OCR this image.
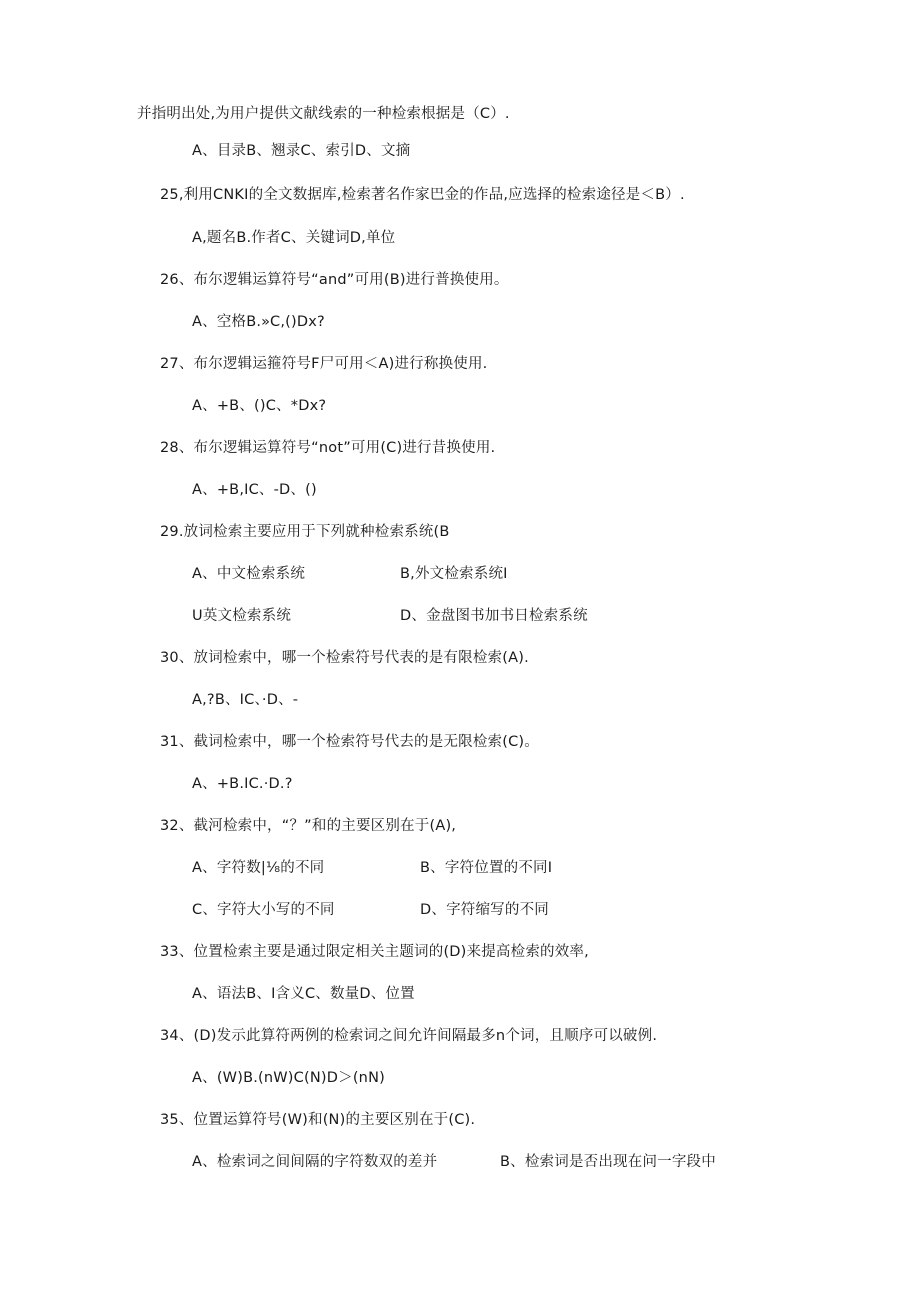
并指明出处,为用户提供文献线索的一种检索根据是（C）.
A、目录B、翘录C、索引D、文摘
25,利用CNKI的全文数据库,检索著名作家巴金的作品,应选择的检索途径是＜B）.
A,题名B.作者C、关键词D,单位
26、布尔逻辑运算符号“and”可用(B)进行普换使用。
A、空格B.»C,()Dx?
27、布尔逻辑运箍符号F尸可用＜A)进行称换使用.
A、+B、()C、*Dx?
28、布尔逻辑运算符号“not”可用(C)进行昔换使用.
A、+B,IC、-D、()
29.放词检索主要应用于下列就种检索系统(B
A、中文检索系统	B,外文检索系统I
U英文检索系统	D、金盘图书加书日检索系统
30、放词检索中，哪一个检索符号代表的是有限检索(A).
A,?B、IC、·D、-
31、截词检索中，哪一个检索符号代去的是无限检索(C)。
A、+B.IC.·D.?
32、截河检索中，“？”和的主要区别在于(A),
A、字符数|⅛的不同	B、字符位置的不同I
C、字符大小写的不同	D、字符缩写的不同
33、位置检索主要是通过限定相关主题词的(D)来提高检索的效率,
A、语法B、I含义C、数量D、位置
34、(D)发示此算符两例的检索词之间允许间隔最多n个词，且顺序可以破例.
A、(W)B.(nW)C(N)D＞(nN)
35、位置运算符号(W)和(N)的主要区别在于(C).
A、检索词之间间隔的字符数双的差并	B、检索词是否出现在问一字段中
